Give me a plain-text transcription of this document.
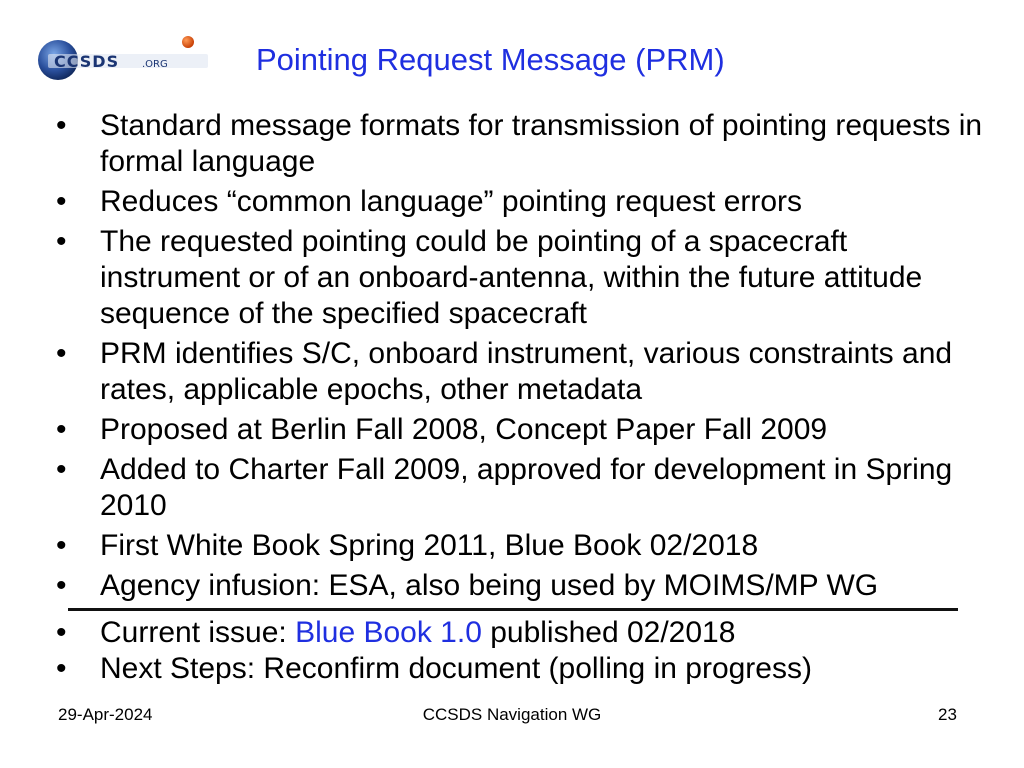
CCSDS .ORG	Pointing Request Message (PRM)
• Standard message formats for transmission of pointing requests in formal language
• Reduces “common language” pointing request errors
• The requested pointing could be pointing of a spacecraft instrument or of an onboard-antenna, within the future attitude sequence of the specified spacecraft
• PRM identifies S/C, onboard instrument, various constraints and rates, applicable epochs, other metadata
• Proposed at Berlin Fall 2008, Concept Paper Fall 2009
• Added to Charter Fall 2009, approved for development in Spring 2010
• First White Book Spring 2011, Blue Book 02/2018
• Agency infusion: ESA, also being used by MOIMS/MP WG
• Current issue: Blue Book 1.0 published 02/2018
• Next Steps: Reconfirm document (polling in progress)
29-Apr-2024	CCSDS Navigation WG	23
